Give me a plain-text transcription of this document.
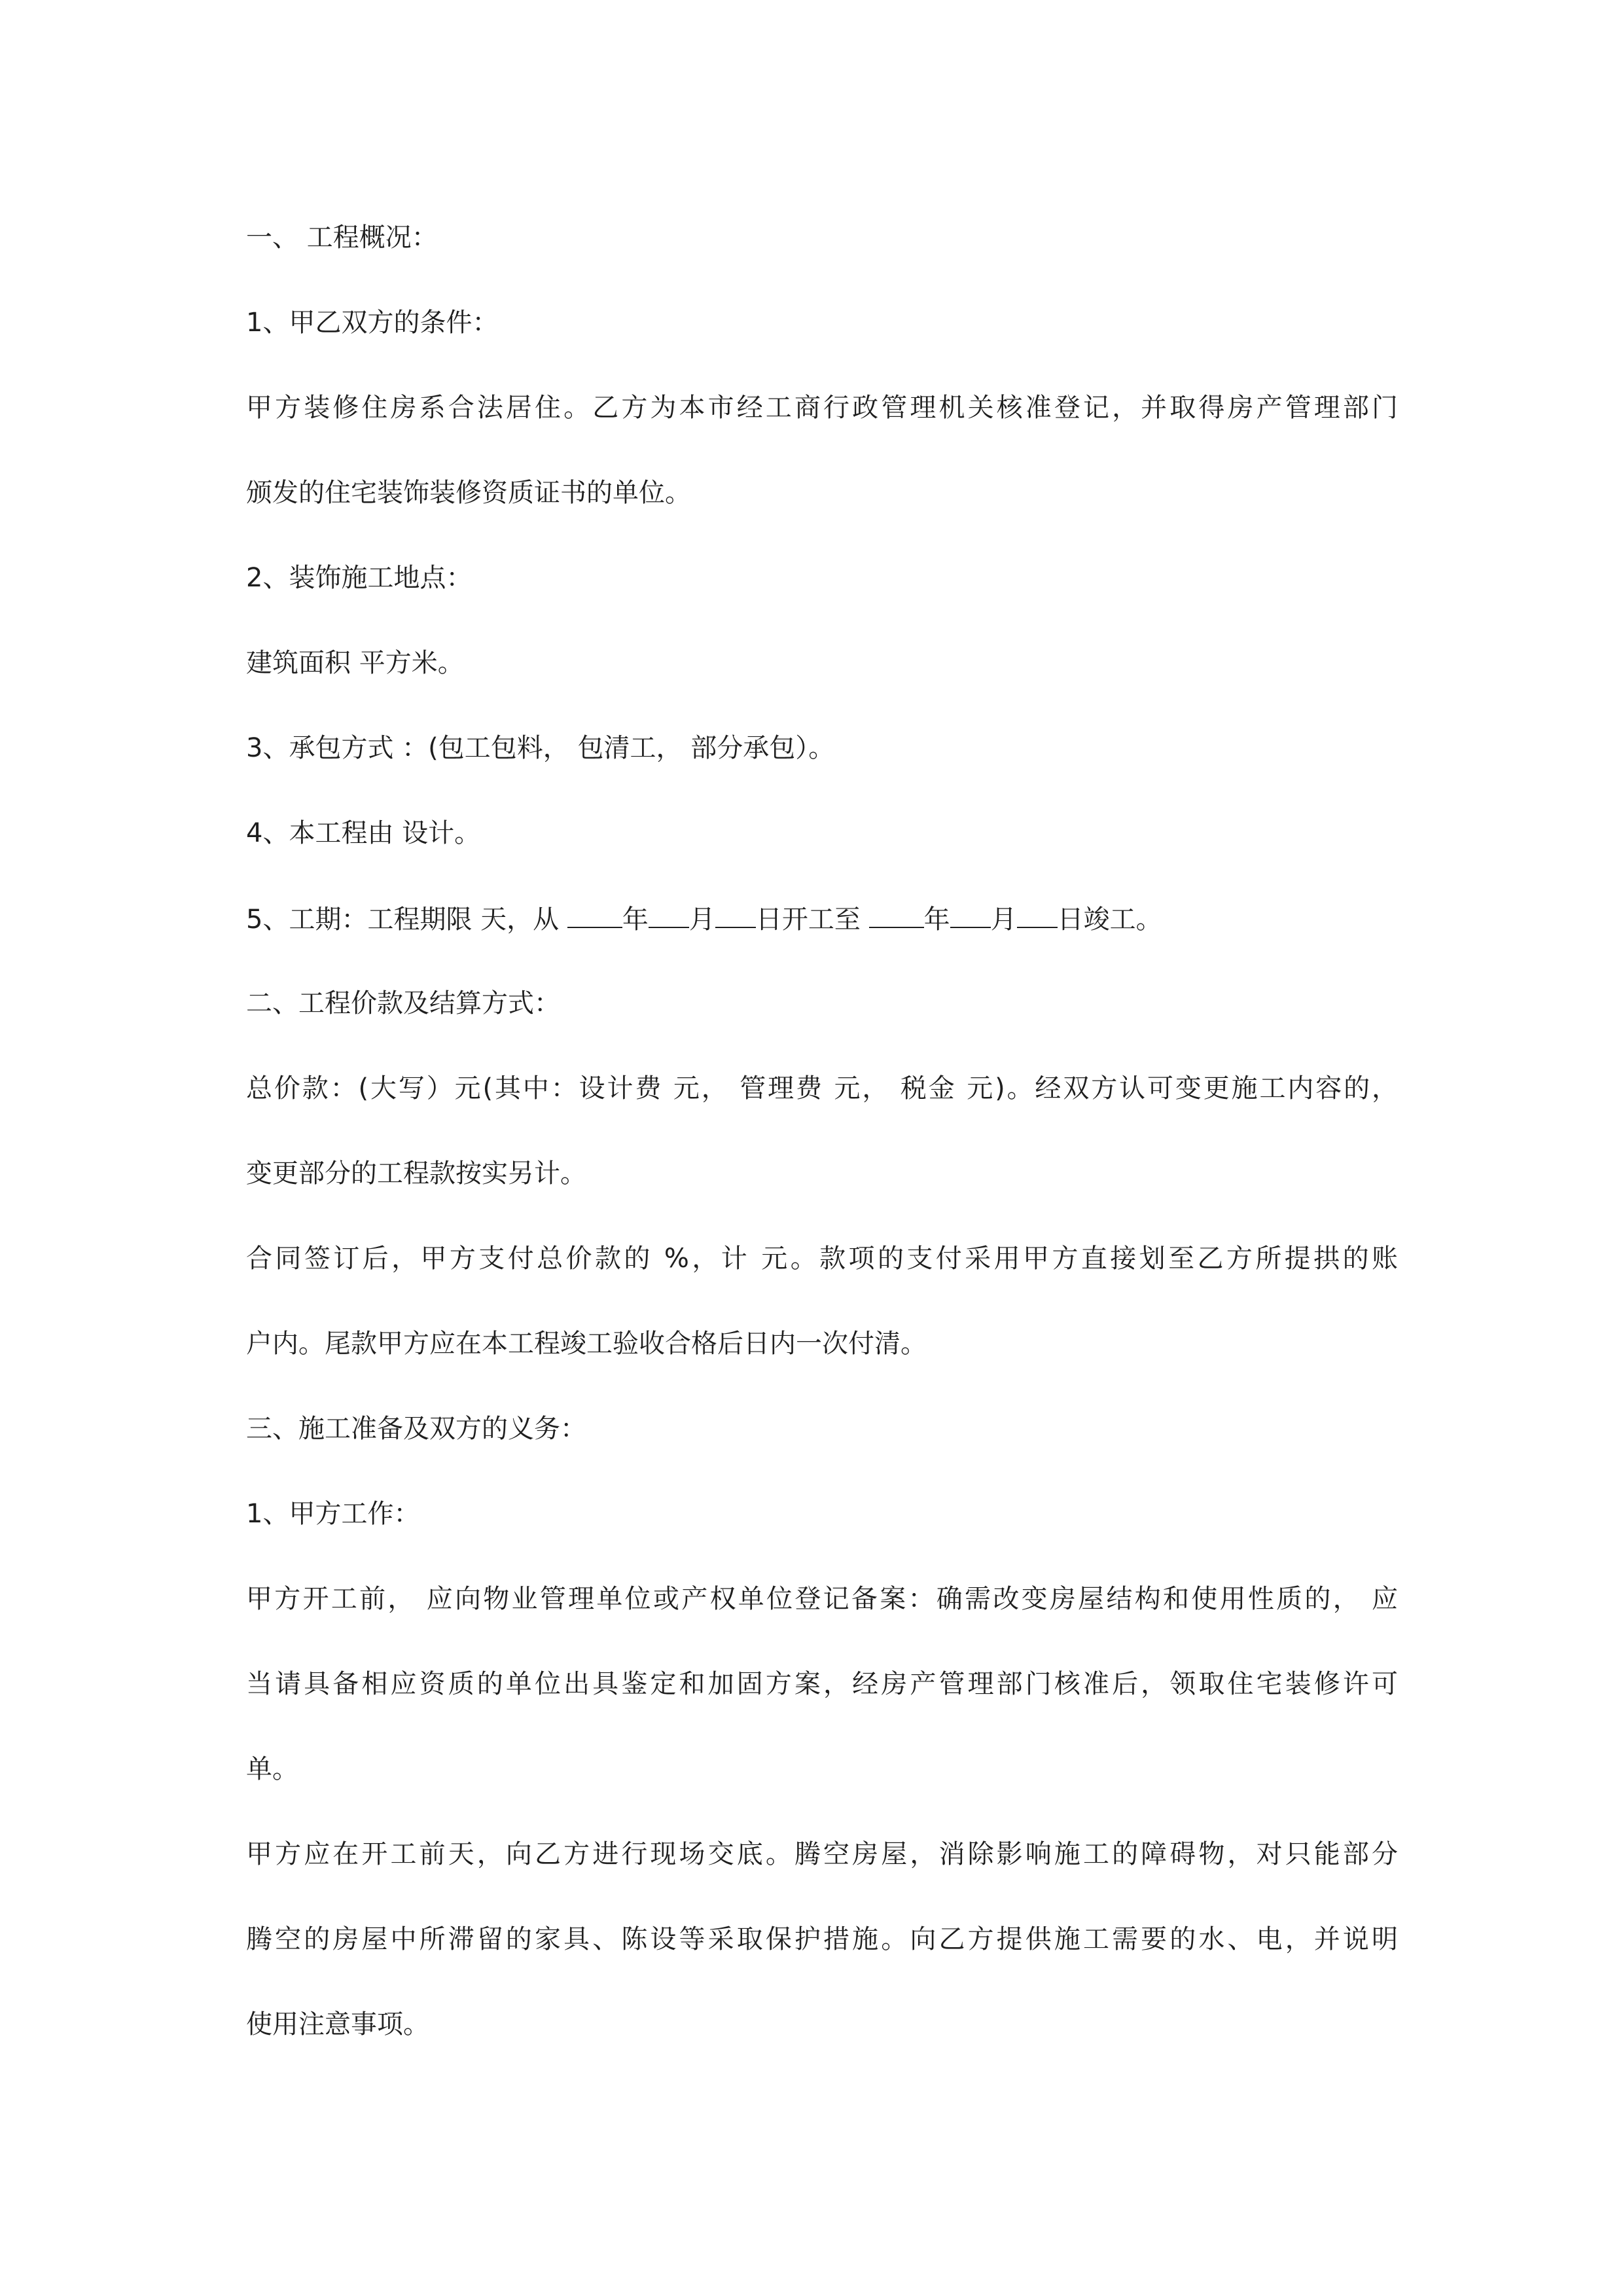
一、 工程概况：
1、甲乙双方的条件：
甲方装修住房系合法居住。乙方为本市经工商行政管理机关核准登记，并取得房产管理部门
颁发的住宅装饰装修资质证书的单位。
2、装饰施工地点：
建筑面积 平方米。
3、承包方式 ：(包工包料， 包清工， 部分承包）。
4、本工程由 设计。
5、工期：工程期限 天，从 年 月 日开工至 年 月 日竣工。
二、工程价款及结算方式：
总价款：(大写）元(其中：设计费 元， 管理费 元， 税金 元)。经双方认可变更施工内容的，
变更部分的工程款按实另计。
合同签订后，甲方支付总价款的 %，计 元。款项的支付采用甲方直接划至乙方所提拱的账
户内。尾款甲方应在本工程竣工验收合格后日内一次付清。
三、施工准备及双方的义务：
1、甲方工作：
甲方开工前， 应向物业管理单位或产权单位登记备案：确需改变房屋结构和使用性质的， 应
当请具备相应资质的单位出具鉴定和加固方案，经房产管理部门核准后，领取住宅装修许可
单。
甲方应在开工前天，向乙方进行现场交底。腾空房屋，消除影响施工的障碍物，对只能部分
腾空的房屋中所滞留的家具、陈设等采取保护措施。向乙方提供施工需要的水、电，并说明
使用注意事项。
